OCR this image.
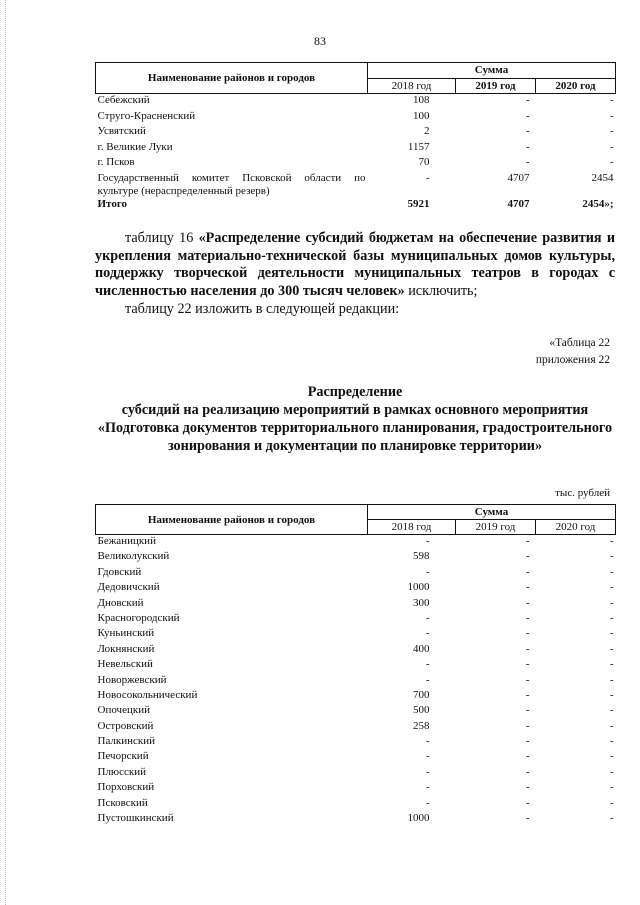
83
Наименование районов и городов	Сумма		
	2018 год	2019 год	2020 год
Себежский	108	-	-
Струго-Красненский	100	-	-
Усвятский	2	-	-
г. Великие Луки	1157	-	-
г. Псков	70	-	-
Государственный комитет Псковской области по культуре (нераспределенный резерв)	-	4707	2454
Итого	5921	4707	2454»;
таблицу 16 «Распределение субсидий бюджетам на обеспечение развития и укрепления материально-технической базы муниципальных домов культуры, поддержку творческой деятельности муниципальных театров в городах с численностью населения до 300 тысяч человек» исключить;
таблицу 22 изложить в следующей редакции:
«Таблица 22
приложения 22
Распределение
субсидий на реализацию мероприятий в рамках основного мероприятия «Подготовка документов территориального планирования, градостроительного зонирования и документации по планировке территории»
тыс. рублей
Наименование районов и городов	Сумма		
	2018 год	2019 год	2020 год
Бежаницкий	-	-	-
Великолукский	598	-	-
Гдовский	-	-	-
Дедовичский	1000	-	-
Дновский	300	-	-
Красногородский	-	-	-
Куньинский	-	-	-
Локнянский	400	-	-
Невельский	-	-	-
Новоржевский	-	-	-
Новосокольнический	700	-	-
Опочецкий	500	-	-
Островский	258	-	-
Палкинский	-	-	-
Печорский	-	-	-
Плюсский	-	-	-
Порховский	-	-	-
Псковский	-	-	-
Пустошкинский	1000	-	-
